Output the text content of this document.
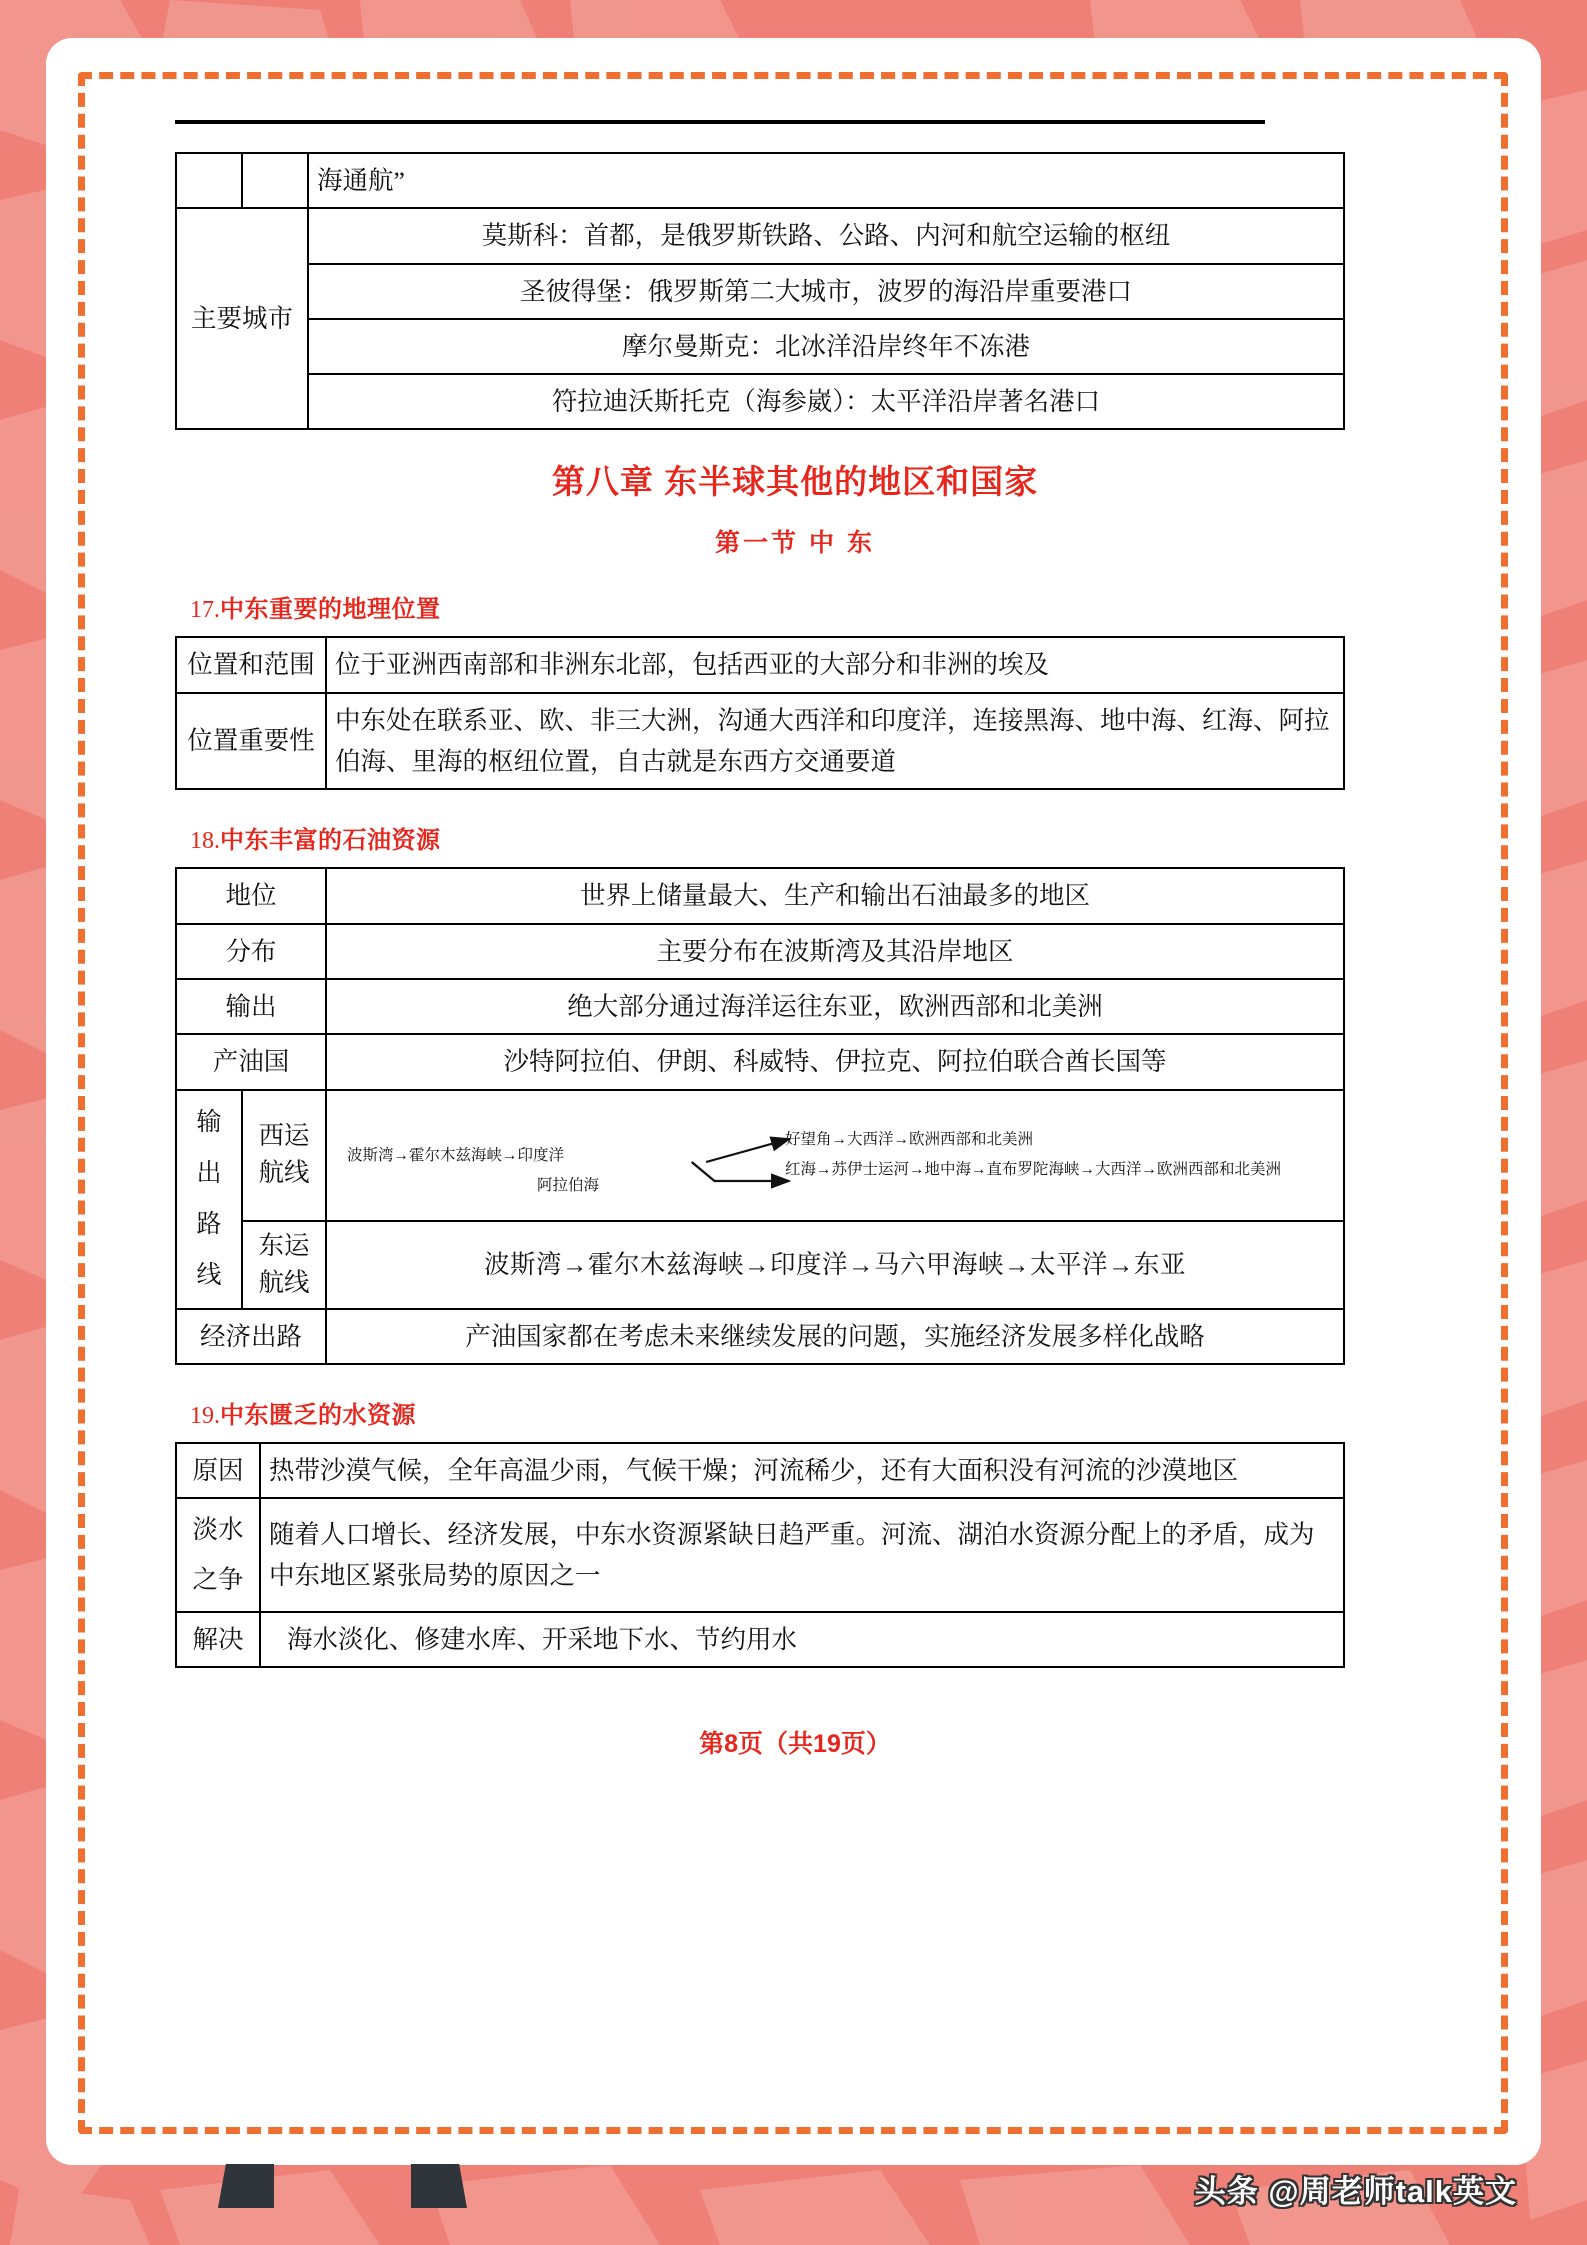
		海通航”
主要城市		莫斯科：首都，是俄罗斯铁路、公路、内河和航空运输的枢纽
		圣彼得堡：俄罗斯第二大城市，波罗的海沿岸重要港口
		摩尔曼斯克：北冰洋沿岸终年不冻港
		符拉迪沃斯托克（海参崴）：太平洋沿岸著名港口
第八章 东半球其他的地区和国家
第一节 中 东
17.中东重要的地理位置
位置和范围	位于亚洲西南部和非洲东北部，包括西亚的大部分和非洲的埃及
位置重要性	中东处在联系亚、欧、非三大洲，沟通大西洋和印度洋，连接黑海、地中海、红海、阿拉伯海、里海的枢纽位置，自古就是东西方交通要道
18.中东丰富的石油资源
地位		世界上储量最大、生产和输出石油最多的地区
分布		主要分布在波斯湾及其沿岸地区
输出		绝大部分通过海洋运往东亚，欧洲西部和北美洲
产油国		沙特阿拉伯、伊朗、科威特、伊拉克、阿拉伯联合酋长国等
输 出 路 线	西运航线	波斯湾→霍尔木兹海峡→印度洋
阿拉伯海
好望角→大西洋→欧洲西部和北美洲
红海→苏伊士运河→地中海→直布罗陀海峡→大西洋→欧洲西部和北美洲

	东运航线	波斯湾→霍尔木兹海峡→印度洋→马六甲海峡→太平洋→东亚
经济出路		产油国家都在考虑未来继续发展的问题，实施经济发展多样化战略
19.中东匮乏的水资源
原因	热带沙漠气候，全年高温少雨，气候干燥；河流稀少，还有大面积没有河流的沙漠地区
淡水之争	随着人口增长、经济发展，中东水资源紧缺日趋严重。河流、湖泊水资源分配上的矛盾，成为中东地区紧张局势的原因之一
解决	海水淡化、修建水库、开采地下水、节约用水
第8页（共19页）
头条 @周老师talk英文
